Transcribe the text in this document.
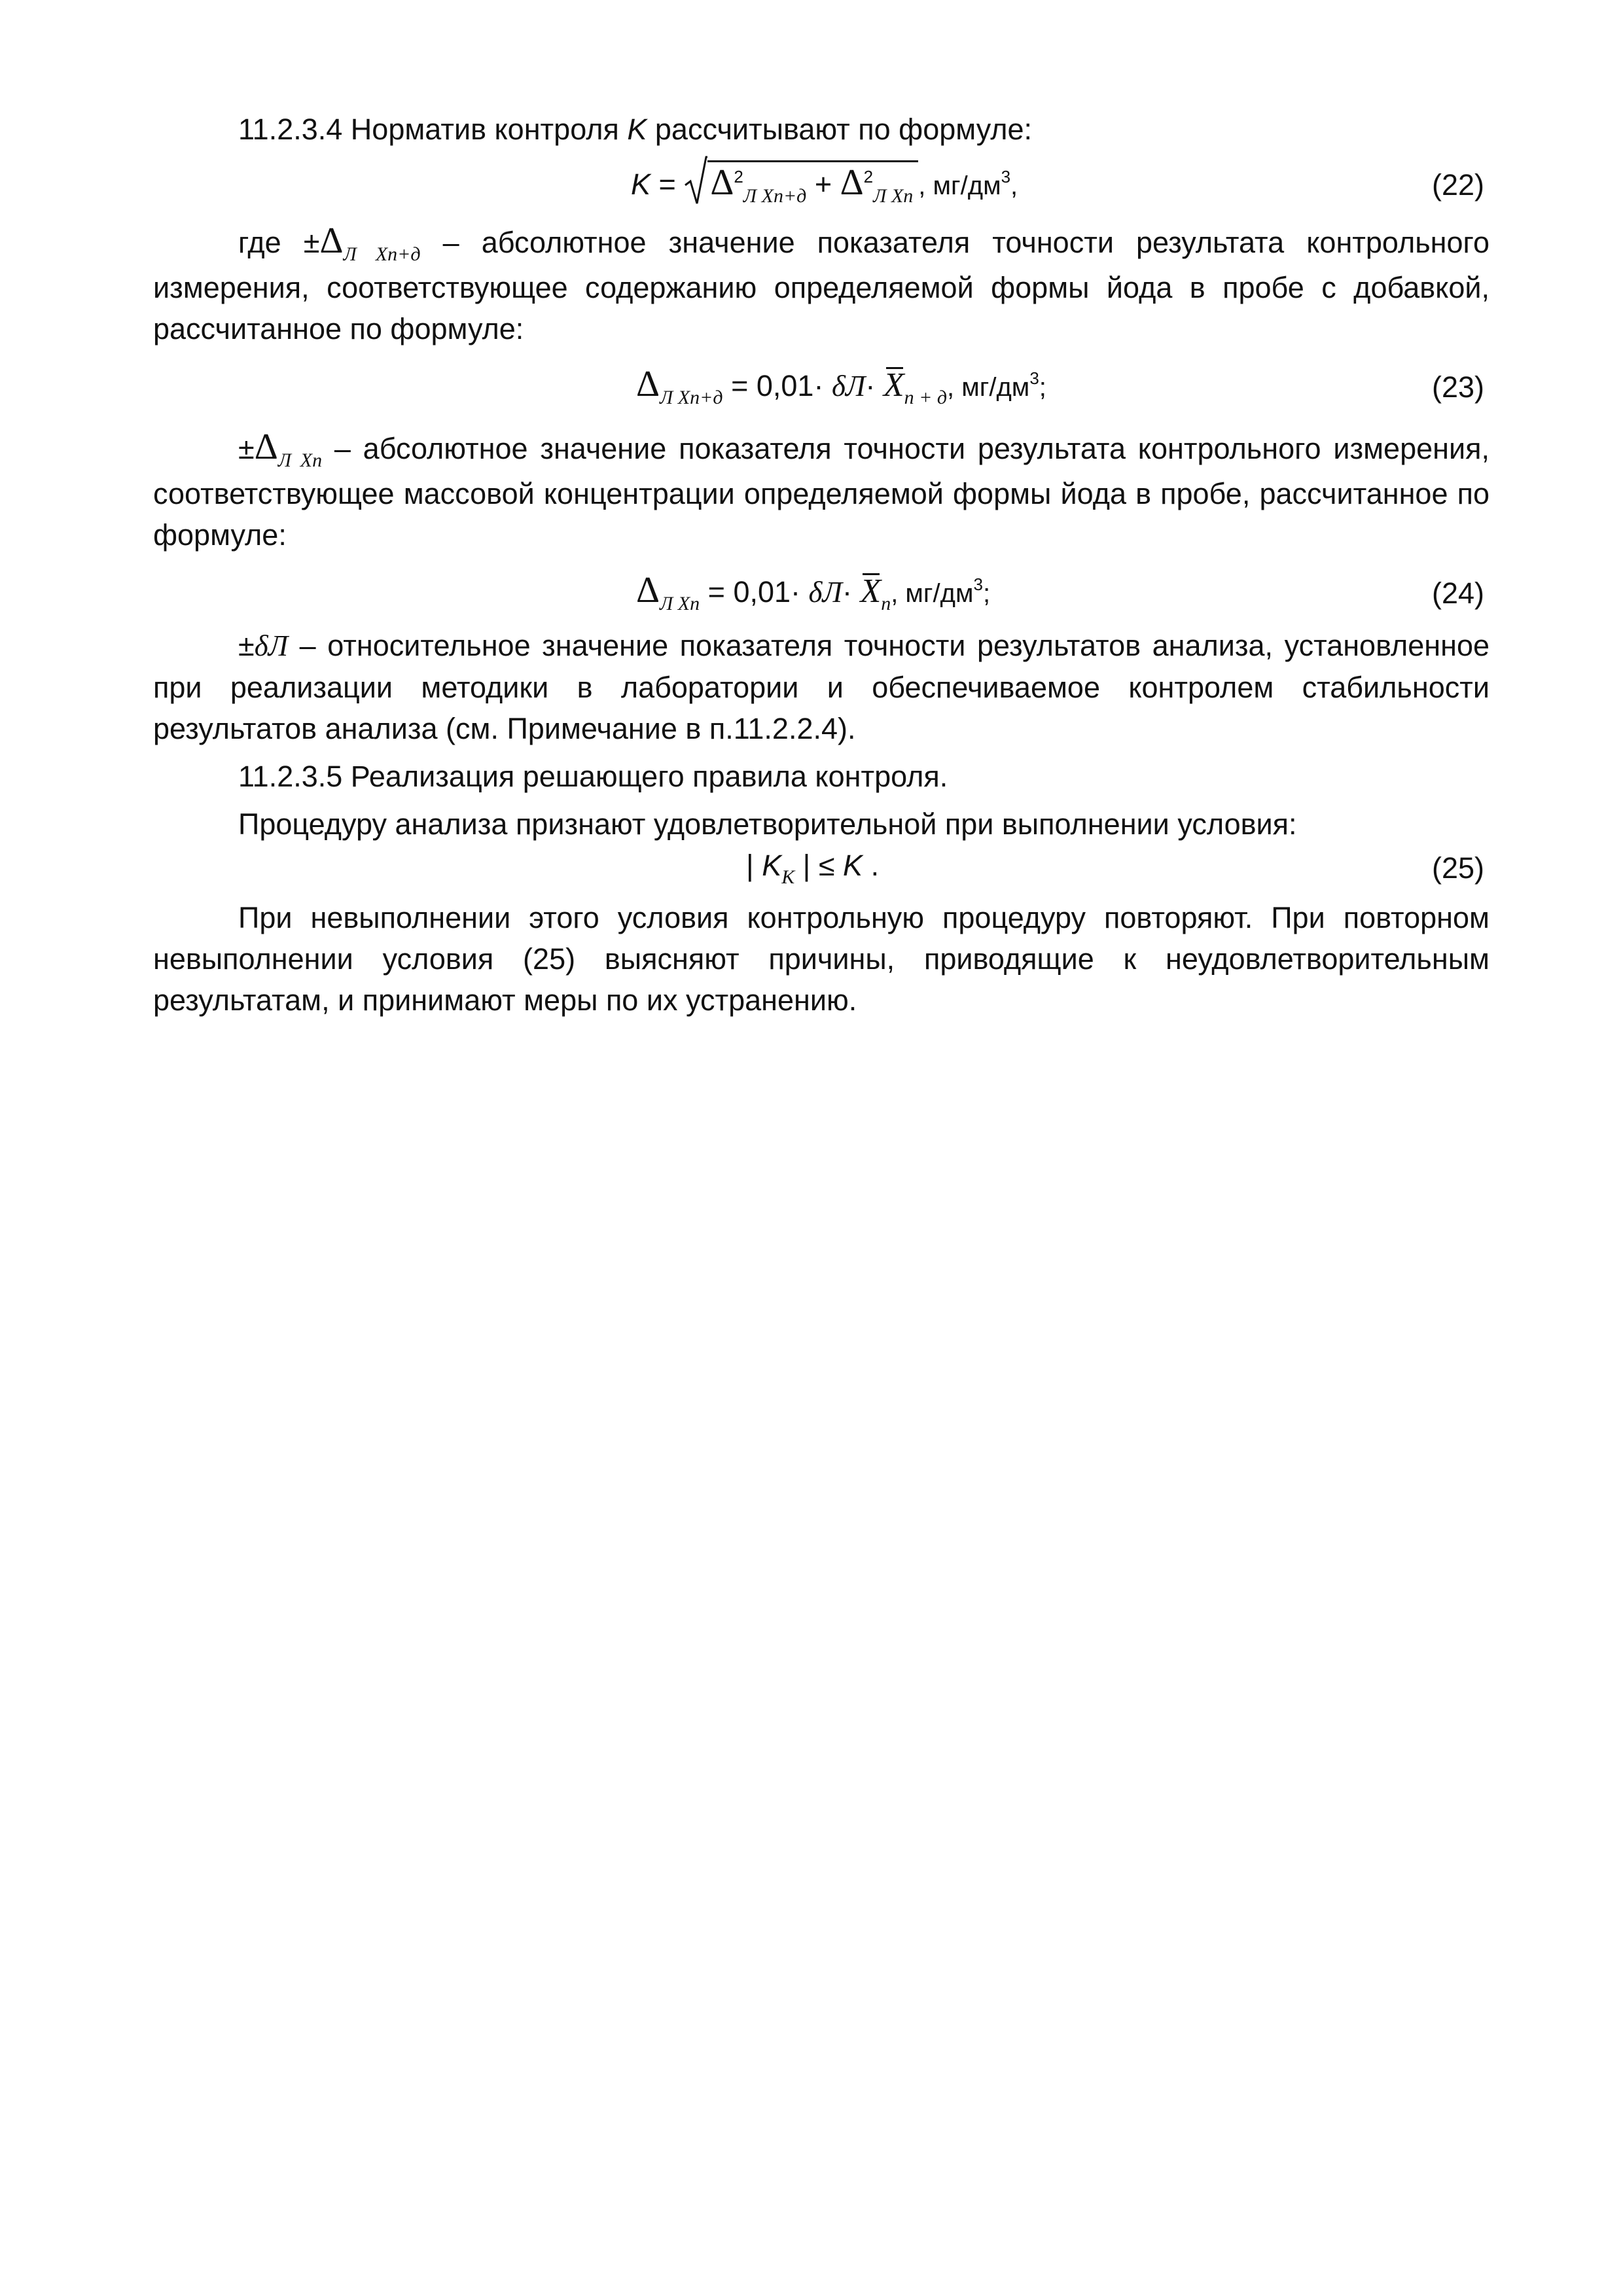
11.2.3.4 Норматив контроля K рассчитывают по формуле:

K =
$\Delta^2_{Л Xп+д} + \Delta^2_{Л Xп}$ , $мг/дм^3$,	(22)

где $\pm\Delta_{Л Xп+д}$ – абсолютное значение показателя точности результата контрольного измерения, соответствующее содержанию определяемой формы йода в пробе с добавкой, рассчитанное по формуле:

$\Delta_{Л Xп+д} = 0,01\cdot \delta Л\cdot X_{п + д}$, $мг/дм^3$;	(23)

$\pm\Delta_{Л Xп}$ – абсолютное значение показателя точности результата контрольного измерения, соответствующее массовой концентрации определяемой формы йода в пробе, рассчитанное по формуле:

$\Delta_{Л Xп} = 0,01\cdot \delta Л\cdot X_п$, $мг/дм^3$;	(24)

±δЛ – относительное значение показателя точности результатов анализа, установленное при реализации методики в лаборатории и обеспечиваемое контролем стабильности результатов анализа (см. Примечание в п.11.2.2.4).

11.2.3.5 Реализация решающего правила контроля.

Процедуру анализа признают удовлетворительной при выполнении условия:

| $K_К$ | ≤ K .	(25)

При невыполнении этого условия контрольную процедуру повторяют. При повторном невыполнении условия (25) выясняют причины, приводящие к неудовлетворительным результатам, и принимают меры по их устранению.
